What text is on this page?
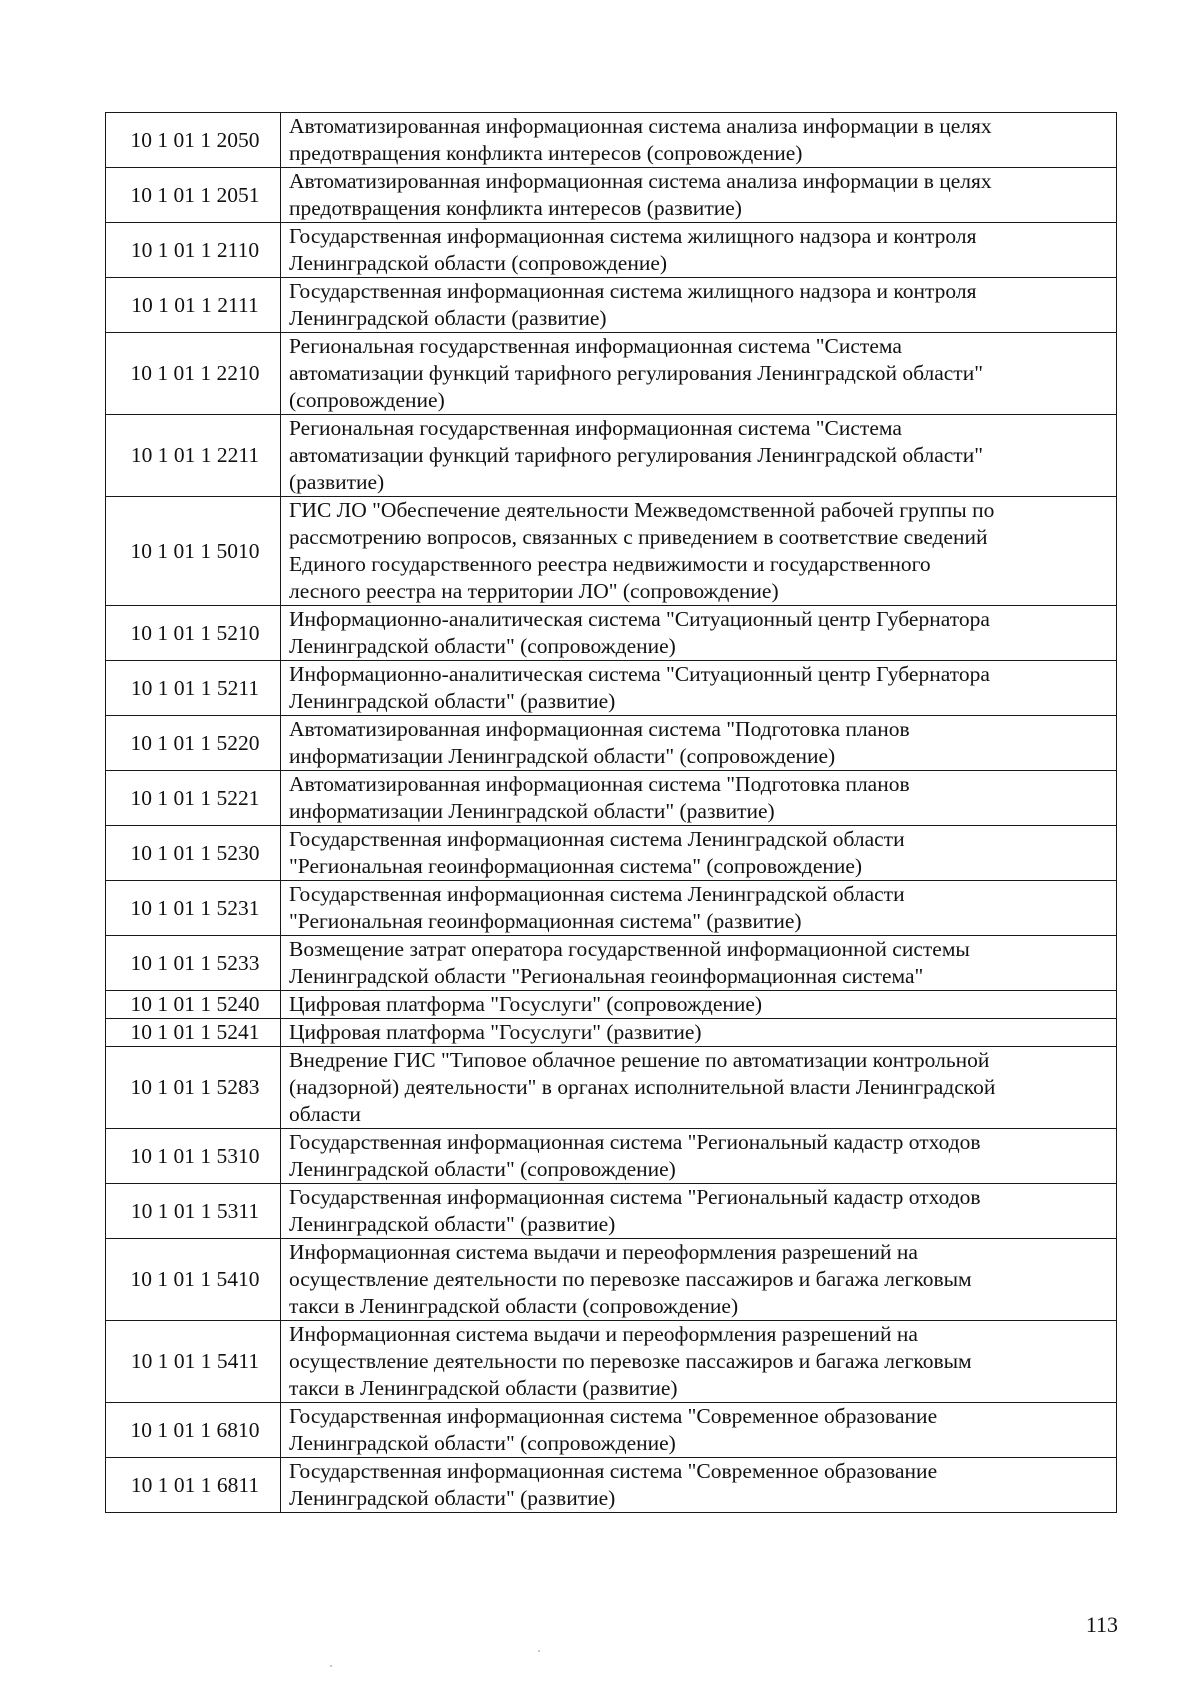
10 1 01 1 2050	Автоматизированная информационная система анализа информации в целях
предотвращения конфликта интересов (сопровождение)

10 1 01 1 2051	Автоматизированная информационная система анализа информации в целях
предотвращения конфликта интересов (развитие)

10 1 01 1 2110	Государственная информационная система жилищного надзора и контроля
Ленинградской области (сопровождение)

10 1 01 1 2111	Государственная информационная система жилищного надзора и контроля
Ленинградской области (развитие)

10 1 01 1 2210	Региональная государственная информационная система "Система
автоматизации функций тарифного регулирования Ленинградской области"
(сопровождение)

10 1 01 1 2211	Региональная государственная информационная система "Система
автоматизации функций тарифного регулирования Ленинградской области"
(развитие)

10 1 01 1 5010	ГИС ЛО "Обеспечение деятельности Межведомственной рабочей группы по
рассмотрению вопросов, связанных с приведением в соответствие сведений
Единого государственного реестра недвижимости и государственного
лесного реестра на территории ЛО" (сопровождение)

10 1 01 1 5210	Информационно-аналитическая система "Ситуационный центр Губернатора
Ленинградской области" (сопровождение)

10 1 01 1 5211	Информационно-аналитическая система "Ситуационный центр Губернатора
Ленинградской области" (развитие)

10 1 01 1 5220	Автоматизированная информационная система "Подготовка планов
информатизации Ленинградской области" (сопровождение)

10 1 01 1 5221	Автоматизированная информационная система "Подготовка планов
информатизации Ленинградской области" (развитие)

10 1 01 1 5230	Государственная информационная система Ленинградской области
"Региональная геоинформационная система" (сопровождение)

10 1 01 1 5231	Государственная информационная система Ленинградской области
"Региональная геоинформационная система" (развитие)

10 1 01 1 5233	Возмещение затрат оператора государственной информационной системы
Ленинградской области "Региональная геоинформационная система"

10 1 01 1 5240	Цифровая платформа "Госуслуги" (сопровождение)

10 1 01 1 5241	Цифровая платформа "Госуслуги" (развитие)

10 1 01 1 5283	Внедрение ГИС "Типовое облачное решение по автоматизации контрольной
(надзорной) деятельности" в органах исполнительной власти Ленинградской
области

10 1 01 1 5310	Государственная информационная система "Региональный кадастр отходов
Ленинградской области" (сопровождение)

10 1 01 1 5311	Государственная информационная система "Региональный кадастр отходов
Ленинградской области" (развитие)

10 1 01 1 5410	Информационная система выдачи и переоформления разрешений на
осуществление деятельности по перевозке пассажиров и багажа легковым
такси в Ленинградской области (сопровождение)

10 1 01 1 5411	Информационная система выдачи и переоформления разрешений на
осуществление деятельности по перевозке пассажиров и багажа легковым
такси в Ленинградской области (развитие)

10 1 01 1 6810	Государственная информационная система "Современное образование
Ленинградской области" (сопровождение)

10 1 01 1 6811	Государственная информационная система "Современное образование
Ленинградской области" (развитие)
113
